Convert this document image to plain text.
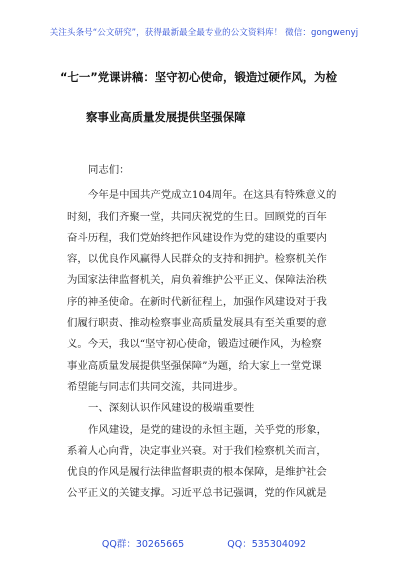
关注头条号“公文研究”，获得最新最全最专业的公文资料库！ 微信：gongwenyj
“七一”党课讲稿：坚守初心使命，锻造过硬作风，为检
察事业高质量发展提供坚强保障
同志们：
今年是中国共产党成立104周年。在这具有特殊意义的
时刻，我们齐聚一堂，共同庆祝党的生日。回顾党的百年
奋斗历程，我们党始终把作风建设作为党的建设的重要内
容，以优良作风赢得人民群众的支持和拥护。检察机关作
为国家法律监督机关，肩负着维护公平正义、保障法治秩
序的神圣使命。在新时代新征程上，加强作风建设对于我
们履行职责、推动检察事业高质量发展具有至关重要的意
义。今天，我以“坚守初心使命，锻造过硬作风，为检察
事业高质量发展提供坚强保障”为题，给大家上一堂党课
希望能与同志们共同交流，共同进步。
一、深刻认识作风建设的极端重要性
作风建设，是党的建设的永恒主题，关乎党的形象，
系着人心向背，决定事业兴衰。对于我们检察机关而言，
优良的作风是履行法律监督职责的根本保障，是维护社会
公平正义的关键支撑。习近平总书记强调，党的作风就是
QQ群：30265665	QQ：535304092
